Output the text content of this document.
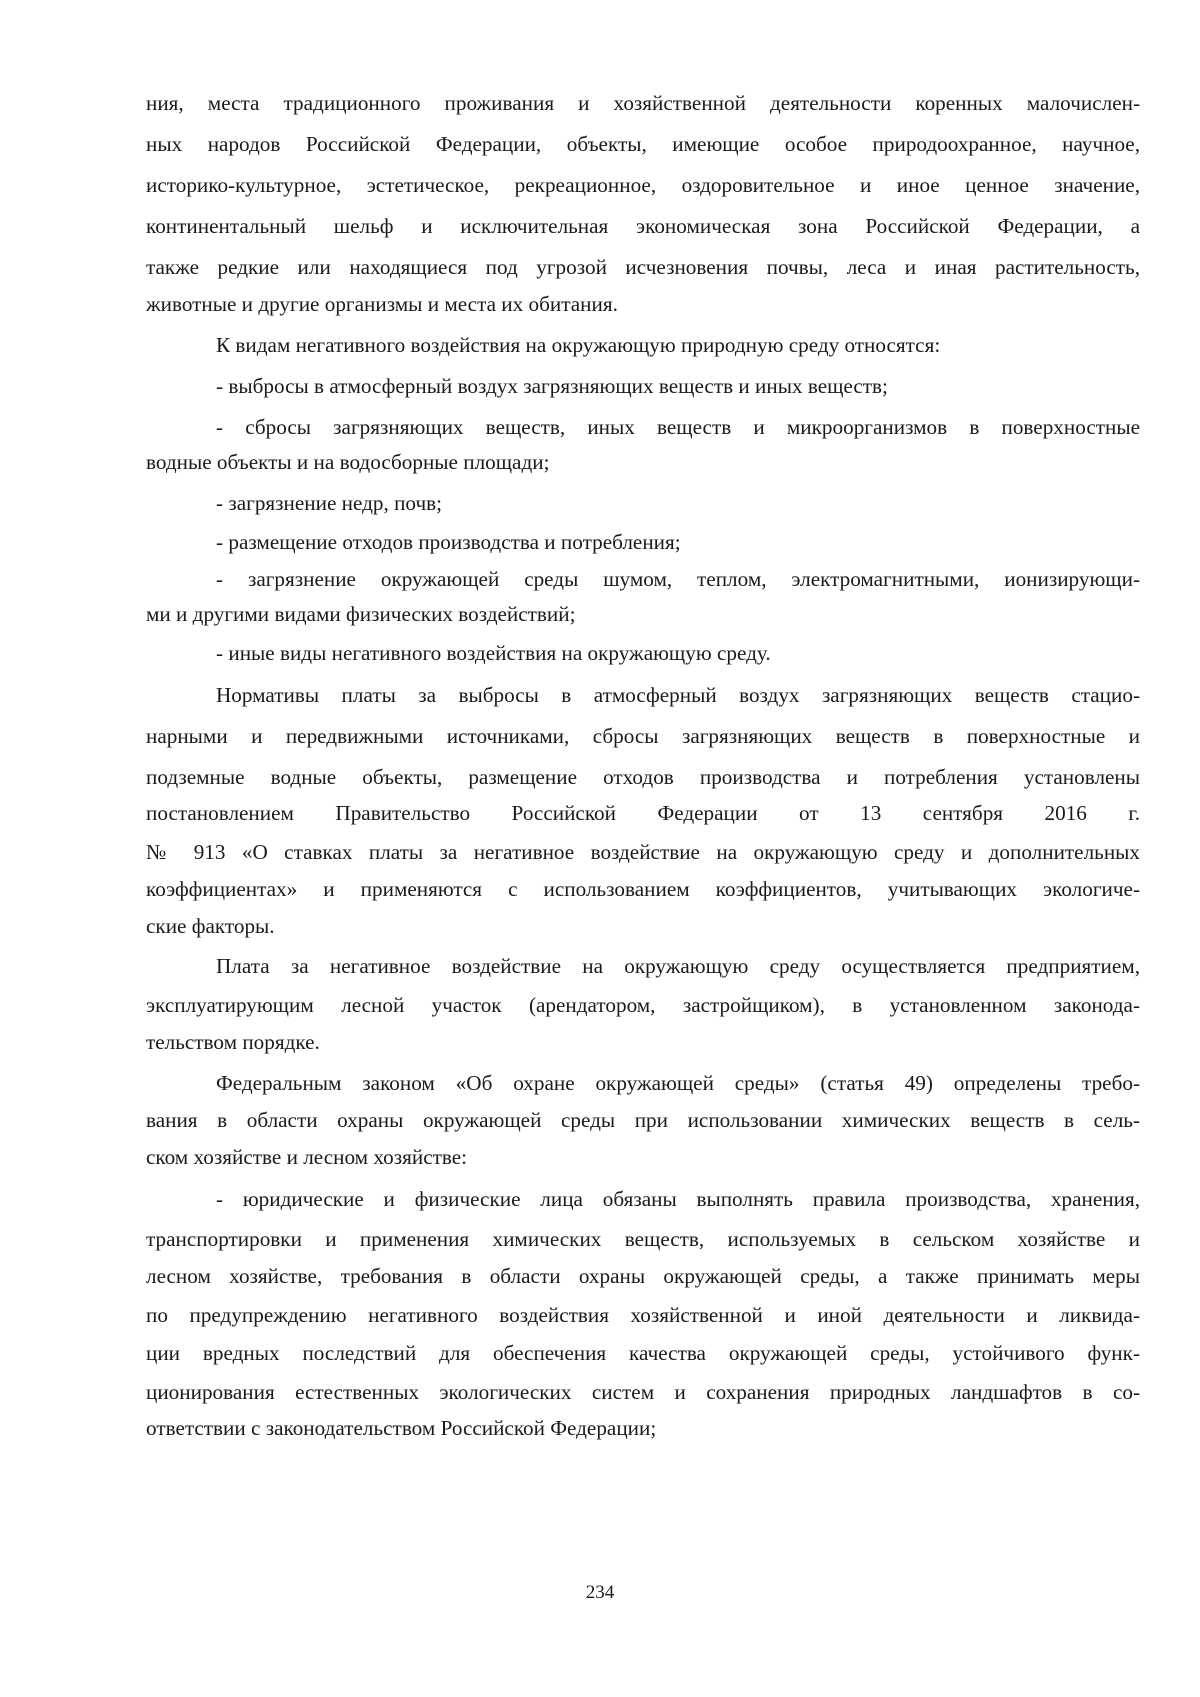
ния, места традиционного проживания и хозяйственной деятельности коренных малочислен-

ных народов Российской Федерации, объекты, имеющие особое природоохранное, научное,

историко-культурное, эстетическое, рекреационное, оздоровительное и иное ценное значение,

континентальный шельф и исключительная экономическая зона Российской Федерации, а

также редкие или находящиеся под угрозой исчезновения почвы, леса и иная растительность,

животные и другие организмы и места их обитания.

К видам негативного воздействия на окружающую природную среду относятся:

- выбросы в атмосферный воздух загрязняющих веществ и иных веществ;

- сбросы загрязняющих веществ, иных веществ и микроорганизмов в поверхностные

водные объекты и на водосборные площади;

- загрязнение недр, почв;

- размещение отходов производства и потребления;

- загрязнение окружающей среды шумом, теплом, электромагнитными, ионизирующи-

ми и другими видами физических воздействий;

- иные виды негативного воздействия на окружающую среду.

Нормативы платы за выбросы в атмосферный воздух загрязняющих веществ стацио-

нарными и передвижными источниками, сбросы загрязняющих веществ в поверхностные и

подземные водные объекты, размещение отходов производства и потребления установлены

постановлением Правительство Российской Федерации от 13 сентября 2016 г.

№ 913 «О ставках платы за негативное воздействие на окружающую среду и дополнительных

коэффициентах» и применяются с использованием коэффициентов, учитывающих экологиче-

ские факторы.

Плата за негативное воздействие на окружающую среду осуществляется предприятием,

эксплуатирующим лесной участок (арендатором, застройщиком), в установленном законода-

тельством порядке.

Федеральным законом «Об охране окружающей среды» (статья 49) определены требо-

вания в области охраны окружающей среды при использовании химических веществ в сель-

ском хозяйстве и лесном хозяйстве:

- юридические и физические лица обязаны выполнять правила производства, хранения,

транспортировки и применения химических веществ, используемых в сельском хозяйстве и

лесном хозяйстве, требования в области охраны окружающей среды, а также принимать меры

по предупреждению негативного воздействия хозяйственной и иной деятельности и ликвида-

ции вредных последствий для обеспечения качества окружающей среды, устойчивого функ-

ционирования естественных экологических систем и сохранения природных ландшафтов в со-

ответствии с законодательством Российской Федерации;

234
